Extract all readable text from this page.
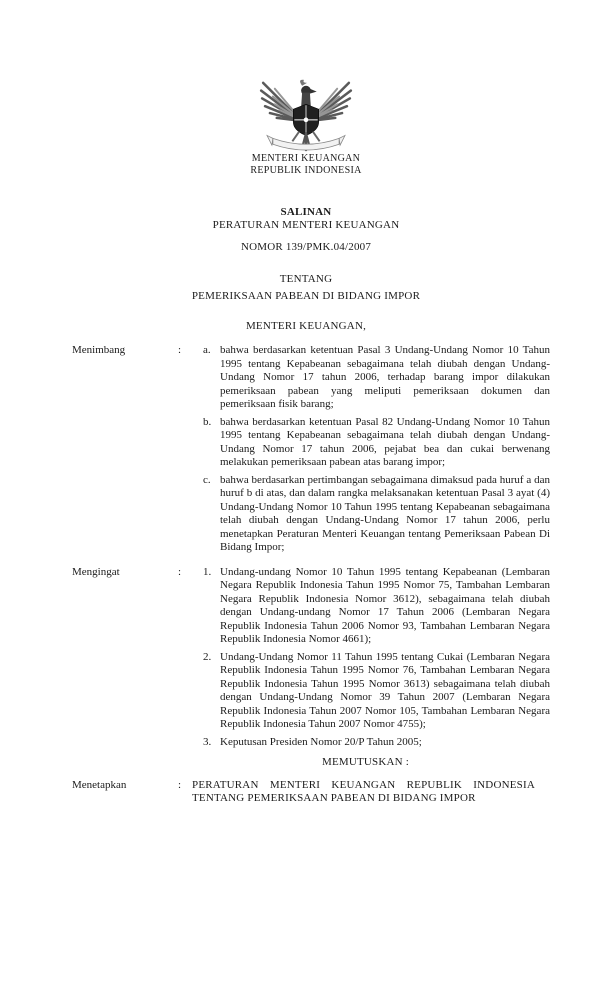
MENTERI KEUANGAN
REPUBLIK INDONESIA
SALINAN
PERATURAN MENTERI KEUANGAN
NOMOR 139/PMK.04/2007
TENTANG
PEMERIKSAAN PABEAN DI BIDANG IMPOR
MENTERI KEUANGAN,
Menimbang	:	a. bahwa berdasarkan ketentuan Pasal 3 Undang-Undang Nomor 10 Tahun 1995 tentang Kepabeanan sebagaimana telah diubah dengan Undang-Undang Nomor 17 tahun 2006, terhadap barang impor dilakukan pemeriksaan pabean yang meliputi pemeriksaan dokumen dan pemeriksaan fisik barang;
b. bahwa berdasarkan ketentuan Pasal 82 Undang-Undang Nomor 10 Tahun 1995 tentang Kepabeanan sebagaimana telah diubah dengan Undang-Undang Nomor 17 tahun 2006, pejabat bea dan cukai berwenang melakukan pemeriksaan pabean atas barang impor;
c. bahwa berdasarkan pertimbangan sebagaimana dimaksud pada huruf a dan huruf b di atas, dan dalam rangka melaksanakan ketentuan Pasal 3 ayat (4) Undang-Undang Nomor 10 Tahun 1995 tentang Kepabeanan sebagaimana telah diubah dengan Undang-Undang Nomor 17 tahun 2006, perlu menetapkan Peraturan Menteri Keuangan tentang Pemeriksaan Pabean Di Bidang Impor;
Mengingat	:	1. Undang-undang Nomor 10 Tahun 1995 tentang Kepabeanan (Lembaran Negara Republik Indonesia Tahun 1995 Nomor 75, Tambahan Lembaran Negara Republik Indonesia Nomor 3612), sebagaimana telah diubah dengan Undang-undang Nomor 17 Tahun 2006 (Lembaran Negara Republik Indonesia Tahun 2006 Nomor 93, Tambahan Lembaran Negara Republik Indonesia Nomor 4661);
2. Undang-Undang Nomor 11 Tahun 1995 tentang Cukai (Lembaran Negara Republik Indonesia Tahun 1995 Nomor 76, Tambahan Lembaran Negara Republik Indonesia Tahun 1995 Nomor 3613) sebagaimana telah diubah dengan Undang-Undang Nomor 39 Tahun 2007 (Lembaran Negara Republik Indonesia Tahun 2007 Nomor 105, Tambahan Lembaran Negara Republik Indonesia Tahun 2007 Nomor 4755);
3. Keputusan Presiden Nomor 20/P Tahun 2005;
MEMUTUSKAN :
Menetapkan	: PERATURAN MENTERI KEUANGAN REPUBLIK INDONESIA TENTANG PEMERIKSAAN PABEAN DI BIDANG IMPOR
